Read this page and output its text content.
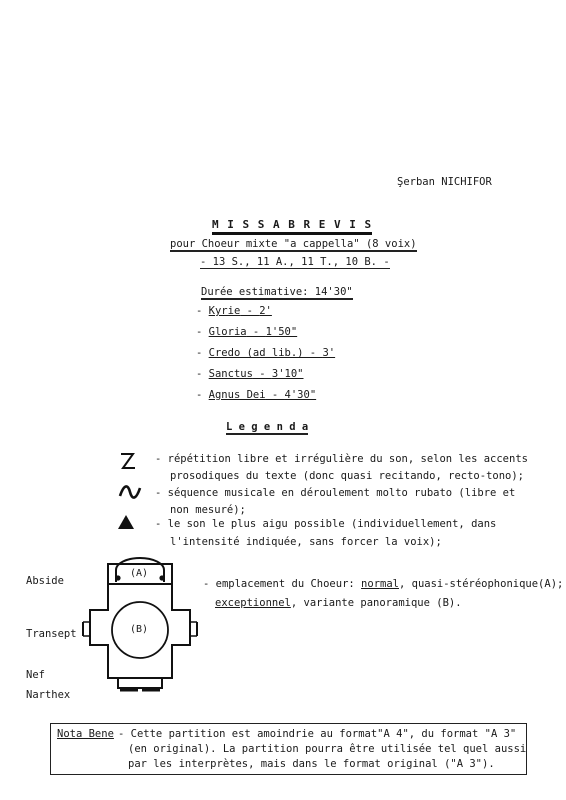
Şerban NICHIFOR
M I S S A B R E V I S
pour Choeur mixte "a cappella" (8 voix)
- 13 S., 11 A., 11 T., 10 B. -
Durée estimative: 14'30"
- Kyrie - 2'
- Gloria - 1'50"
- Credo (ad lib.) - 3'
- Sanctus - 3'10"
- Agnus Dei - 4'30"
L e g e n d a
- répétition libre et irrégulière du son, selon les accents
prosodiques du texte (donc quasi recitando, recto-tono);
- séquence musicale en déroulement molto rubato (libre et
non mesuré);
- le son le plus aigu possible (individuellement, dans
l'intensité indiquée, sans forcer la voix);
Abside
Transept
Nef
Narthex
(A)
(B)
- emplacement du Choeur: normal, quasi-stéréophonique(A);
exceptionnel, variante panoramique (B).
Nota Bene - Cette partition est amoindrie au format"A 4", du format "A 3"
(en original). La partition pourra être utilisée tel quel aussi
par les interprètes, mais dans le format original ("A 3").
